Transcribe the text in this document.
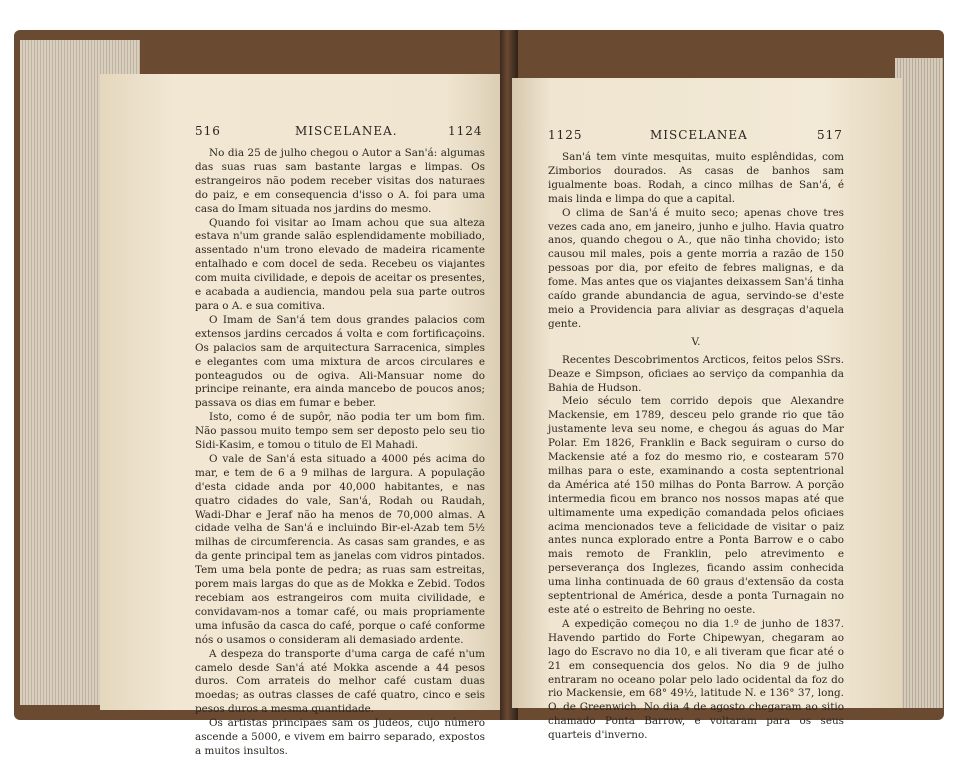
516	MISCELANEA.	1124

No dia 25 de julho chegou o Autor a San'á: algumas das suas ruas sam bastante largas e limpas. Os estrangeiros não podem receber visitas dos naturaes do paiz, e em consequencia d'isso o A. foi para uma casa do Imam situada nos jardins do mesmo.

Quando foi visitar ao Imam achou que sua alteza estava n'um grande salão esplendidamente mobiliado, assentado n'um trono elevado de madeira ricamente entalhado e com docel de seda. Recebeu os viajantes com muita civilidade, e depois de aceitar os presentes, e acabada a audiencia, mandou pela sua parte outros para o A. e sua comitiva.

O Imam de San'á tem dous grandes palacios com extensos jardins cercados á volta e com fortificaçoins. Os palacios sam de arquitectura Sarracenica, simples e elegantes com uma mixtura de arcos circulares e ponteagudos ou de ogiva. Ali-Mansuar nome do principe reinante, era ainda mancebo de poucos anos; passava os dias em fumar e beber.

Isto, como é de supôr, não podia ter um bom fim. Não passou muito tempo sem ser deposto pelo seu tio Sidi-Kasim, e tomou o titulo de El Mahadi.

O vale de San'á esta situado a 4000 pés acima do mar, e tem de 6 a 9 milhas de largura. A população d'esta cidade anda por 40,000 habitantes, e nas quatro cidades do vale, San'á, Rodah ou Raudah, Wadi-Dhar e Jeraf não ha menos de 70,000 almas. A cidade velha de San'á e incluindo Bir-el-Azab tem 5½ milhas de circumferencia. As casas sam grandes, e as da gente principal tem as janelas com vidros pintados. Tem uma bela ponte de pedra; as ruas sam estreitas, porem mais largas do que as de Mokka e Zebid. Todos recebiam aos estrangeiros com muita civilidade, e convidavam-nos a tomar café, ou mais propriamente uma infusão da casca do café, porque o café conforme nós o usamos o consideram ali demasiado ardente.

A despeza do transporte d'uma carga de café n'um camelo desde San'á até Mokka ascende a 44 pesos duros. Com arrateis do melhor café custam duas moedas; as outras classes de café quatro, cinco e seis pesos duros a mesma quantidade.

Os artistas principaes sam os Judeos, cujo número ascende a 5000, e vivem em bairro separado, expostos a muitos insultos.

1125	MISCELANEA	517

San'á tem vinte mesquitas, muito esplêndidas, com Zimborios dourados. As casas de banhos sam igualmente boas. Rodah, a cinco milhas de San'á, é mais linda e limpa do que a capital.

O clima de San'á é muito seco; apenas chove tres vezes cada ano, em janeiro, junho e julho. Havia quatro anos, quando chegou o A., que não tinha chovido; isto causou mil males, pois a gente morria a razão de 150 pessoas por dia, por efeito de febres malignas, e da fome. Mas antes que os viajantes deixassem San'á tinha caído grande abundancia de agua, servindo-se d'este meio a Providencia para aliviar as desgraças d'aquela gente.

V.

Recentes Descobrimentos Arcticos, feitos pelos SSrs. Deaze e Simpson, oficiaes ao serviço da companhia da Bahia de Hudson.

Meio século tem corrido depois que Alexandre Mackensie, em 1789, desceu pelo grande rio que tão justamente leva seu nome, e chegou ás aguas do Mar Polar. Em 1826, Franklin e Back seguiram o curso do Mackensie até a foz do mesmo rio, e costearam 570 milhas para o este, examinando a costa septentrional da América até 150 milhas do Ponta Barrow. A porção intermedia ficou em branco nos nossos mapas até que ultimamente uma expedição comandada pelos oficiaes acima mencionados teve a felicidade de visitar o paiz antes nunca explorado entre a Ponta Barrow e o cabo mais remoto de Franklin, pelo atrevimento e perseverança dos Inglezes, ficando assim conhecida uma linha continuada de 60 graus d'extensão da costa septentrional de América, desde a ponta Turnagain no este até o estreito de Behring no oeste.

A expedição começou no dia 1.º de junho de 1837. Havendo partido do Forte Chipewyan, chegaram ao lago do Escravo no dia 10, e ali tiveram que ficar até o 21 em consequencia dos gelos. No dia 9 de julho entraram no oceano polar pelo lado ocidental da foz do rio Mackensie, em 68° 49½, latitude N. e 136° 37, long. O. de Greenwich. No dia 4 de agosto chegaram ao sitio chamado Ponta Barrow, e voltaram para os seus quarteis d'inverno.
